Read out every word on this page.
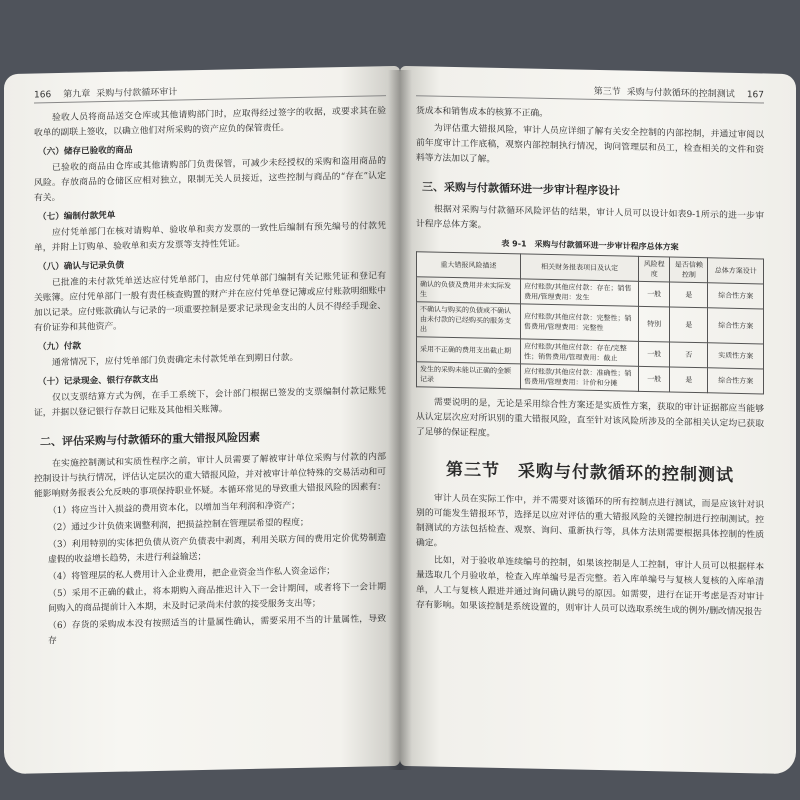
166 第九章 采购与付款循环审计

验收人员将商品送交仓库或其他请购部门时，应取得经过签字的收据，或要求其在验收单的副联上签收，以确立他们对所采购的资产应负的保管责任。

（六）储存已验收的商品

已验收的商品由仓库或其他请购部门负责保管，可减少未经授权的采购和盗用商品的风险。存放商品的仓储区应相对独立，限制无关人员接近，这些控制与商品的“存在”认定有关。

（七）编制付款凭单

应付凭单部门在核对请购单、验收单和卖方发票的一致性后编制有预先编号的付款凭单，并附上订购单、验收单和卖方发票等支持性凭证。

（八）确认与记录负债

已批准的未付款凭单送达应付凭单部门，由应付凭单部门编制有关记账凭证和登记有关账簿。应付凭单部门一般有责任核查购置的财产并在应付凭单登记簿或应付账款明细账中加以记录。应付账款确认与记录的一项重要控制是要求记录现金支出的人员不得经手现金、有价证券和其他资产。

（九）付款

通常情况下，应付凭单部门负责确定未付款凭单在到期日付款。

（十）记录现金、银行存款支出

仅以支票结算方式为例，在手工系统下，会计部门根据已签发的支票编制付款记账凭证，并据以登记银行存款日记账及其他相关账簿。

二、评估采购与付款循环的重大错报风险因素

在实施控制测试和实质性程序之前，审计人员需要了解被审计单位采购与付款的内部控制设计与执行情况，评估认定层次的重大错报风险，并对被审计单位特殊的交易活动和可能影响财务报表公允反映的事项保持职业怀疑。本循环常见的导致重大错报风险的因素有：

（1）将应当计入损益的费用资本化，以增加当年利润和净资产；

（2）通过少计负债来调整利润，把损益控制在管理层希望的程度；

（3）利用特别的实体把负债从资产负债表中剥离，利用关联方间的费用定价优势制造虚假的收益增长趋势，未进行利益输送；

（4）将管理层的私人费用计入企业费用，把企业资金当作私人资金运作；

（5）采用不正确的截止，将本期购入商品推迟计入下一会计期间，或者将下一会计期间购入的商品提前计入本期，未及时记录尚未付款的接受服务支出等；

（6）存货的采购成本没有按照适当的计量属性确认，需要采用不当的计量属性，导致存

第三节 采购与付款循环的控制测试 167

货成本和销售成本的核算不正确。

为评估重大错报风险，审计人员应详细了解有关安全控制的内部控制，并通过审阅以前年度审计工作底稿，观察内部控制执行情况，询问管理层和员工，检查相关的文件和资料等方法加以了解。

三、采购与付款循环进一步审计程序设计

根据对采购与付款循环风险评估的结果，审计人员可以设计如表9-1所示的进一步审计程序总体方案。

表 9-1　采购与付款循环进一步审计程序总体方案
重大错报风险描述	相关财务报表项目及认定	风险程度	是否信赖控制	总体方案设计
确认的负债及费用并未实际发生	应付账款/其他应付款：存在；销售费用/管理费用：发生	一般	是	综合性方案
不确认与购买的负债或不确认由未付款的已经购买的服务支出	应付账款/其他应付款：完整性；销售费用/管理费用：完整性	特别	是	综合性方案
采用不正确的费用支出截止期	应付账款/其他应付款：存在/完整性；销售费用/管理费用：截止	一般	否	实质性方案
发生的采购未能以正确的金额记录	应付账款/其他应付款：准确性；销售费用/管理费用：计价和分摊	一般	是	综合性方案

需要说明的是，无论是采用综合性方案还是实质性方案，获取的审计证据都应当能够从认定层次应对所识别的重大错报风险，直至针对该风险所涉及的全部相关认定均已获取了足够的保证程度。

第三节　采购与付款循环的控制测试

审计人员在实际工作中，并不需要对该循环的所有控制点进行测试，而是应该针对识别的可能发生错报环节，选择足以应对评估的重大错报风险的关键控制进行控制测试。控制测试的方法包括检查、观察、询问、重新执行等，具体方法则需要根据具体控制的性质确定。

比如，对于验收单连续编号的控制，如果该控制是人工控制，审计人员可以根据样本量选取几个月验收单，检查入库单编号是否完整。若入库单编号与复核人复核的入库单清单，人工与复核人跟进并通过询问确认跳号的原因。如需要，进行在证开考虑是否对审计存有影响。如果该控制是系统设置的，则审计人员可以选取系统生成的例外/删改情况报告
